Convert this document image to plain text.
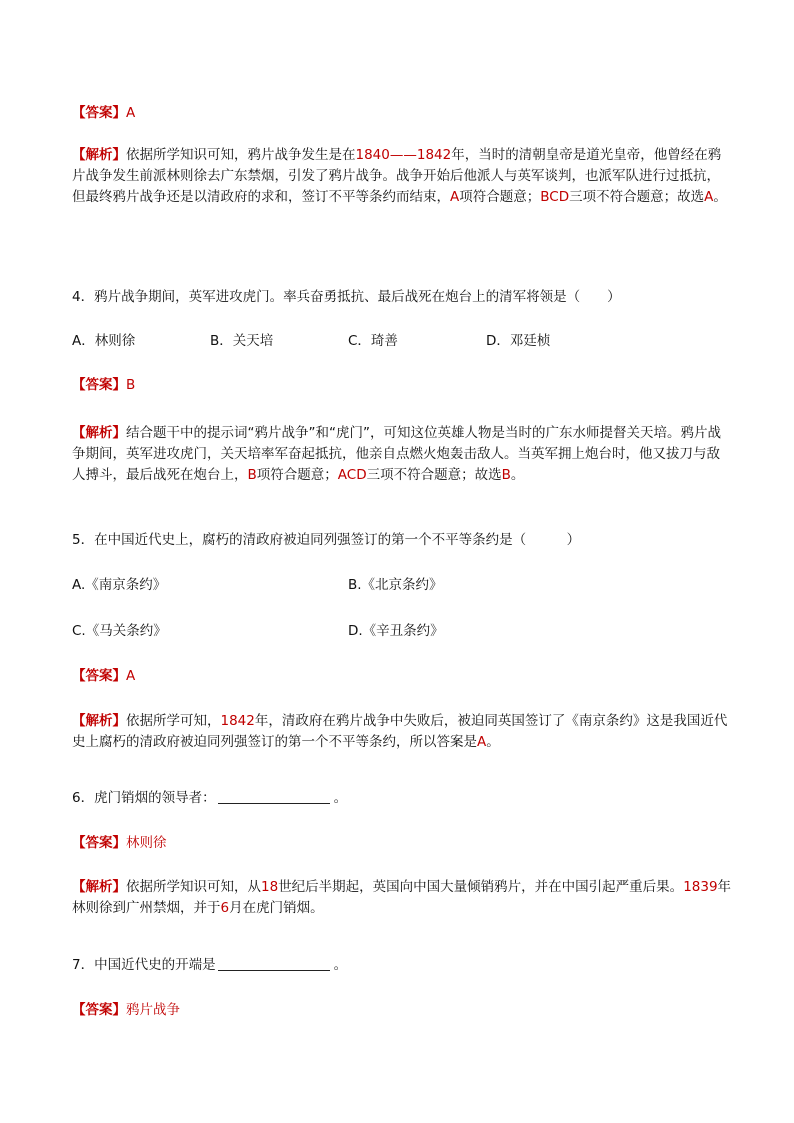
【答案】A

【解析】依据所学知识可知，鸦片战争发生是在1840——1842年，当时的清朝皇帝是道光皇帝，他曾经在鸦片战争发生前派林则徐去广东禁烟，引发了鸦片战争。战争开始后他派人与英军谈判，也派军队进行过抵抗，但最终鸦片战争还是以清政府的求和，签订不平等条约而结束，A项符合题意；BCD三项不符合题意；故选A。

4．鸦片战争期间，英军进攻虎门。率兵奋勇抵抗、最后战死在炮台上的清军将领是（　　）

A．林则徐	B．关天培	C．琦善	D．邓廷桢

【答案】B

【解析】结合题干中的提示词“鸦片战争”和“虎门”，可知这位英雄人物是当时的广东水师提督关天培。鸦片战争期间，英军进攻虎门，关天培率军奋起抵抗，他亲自点燃火炮轰击敌人。当英军拥上炮台时，他又拔刀与敌人搏斗，最后战死在炮台上，B项符合题意；ACD三项不符合题意；故选B。

5．在中国近代史上，腐朽的清政府被迫同列强签订的第一个不平等条约是（　　　）

A.《南京条约》	B.《北京条约》
C.《马关条约》	D.《辛丑条约》

【答案】A

【解析】依据所学可知，1842年，清政府在鸦片战争中失败后，被迫同英国签订了《南京条约》这是我国近代史上腐朽的清政府被迫同列强签订的第一个不平等条约，所以答案是A。

6．虎门销烟的领导者：	。

【答案】林则徐

【解析】依据所学知识可知，从18世纪后半期起，英国向中国大量倾销鸦片，并在中国引起严重后果。1839年林则徐到广州禁烟，并于6月在虎门销烟。

7．中国近代史的开端是	。

【答案】鸦片战争
